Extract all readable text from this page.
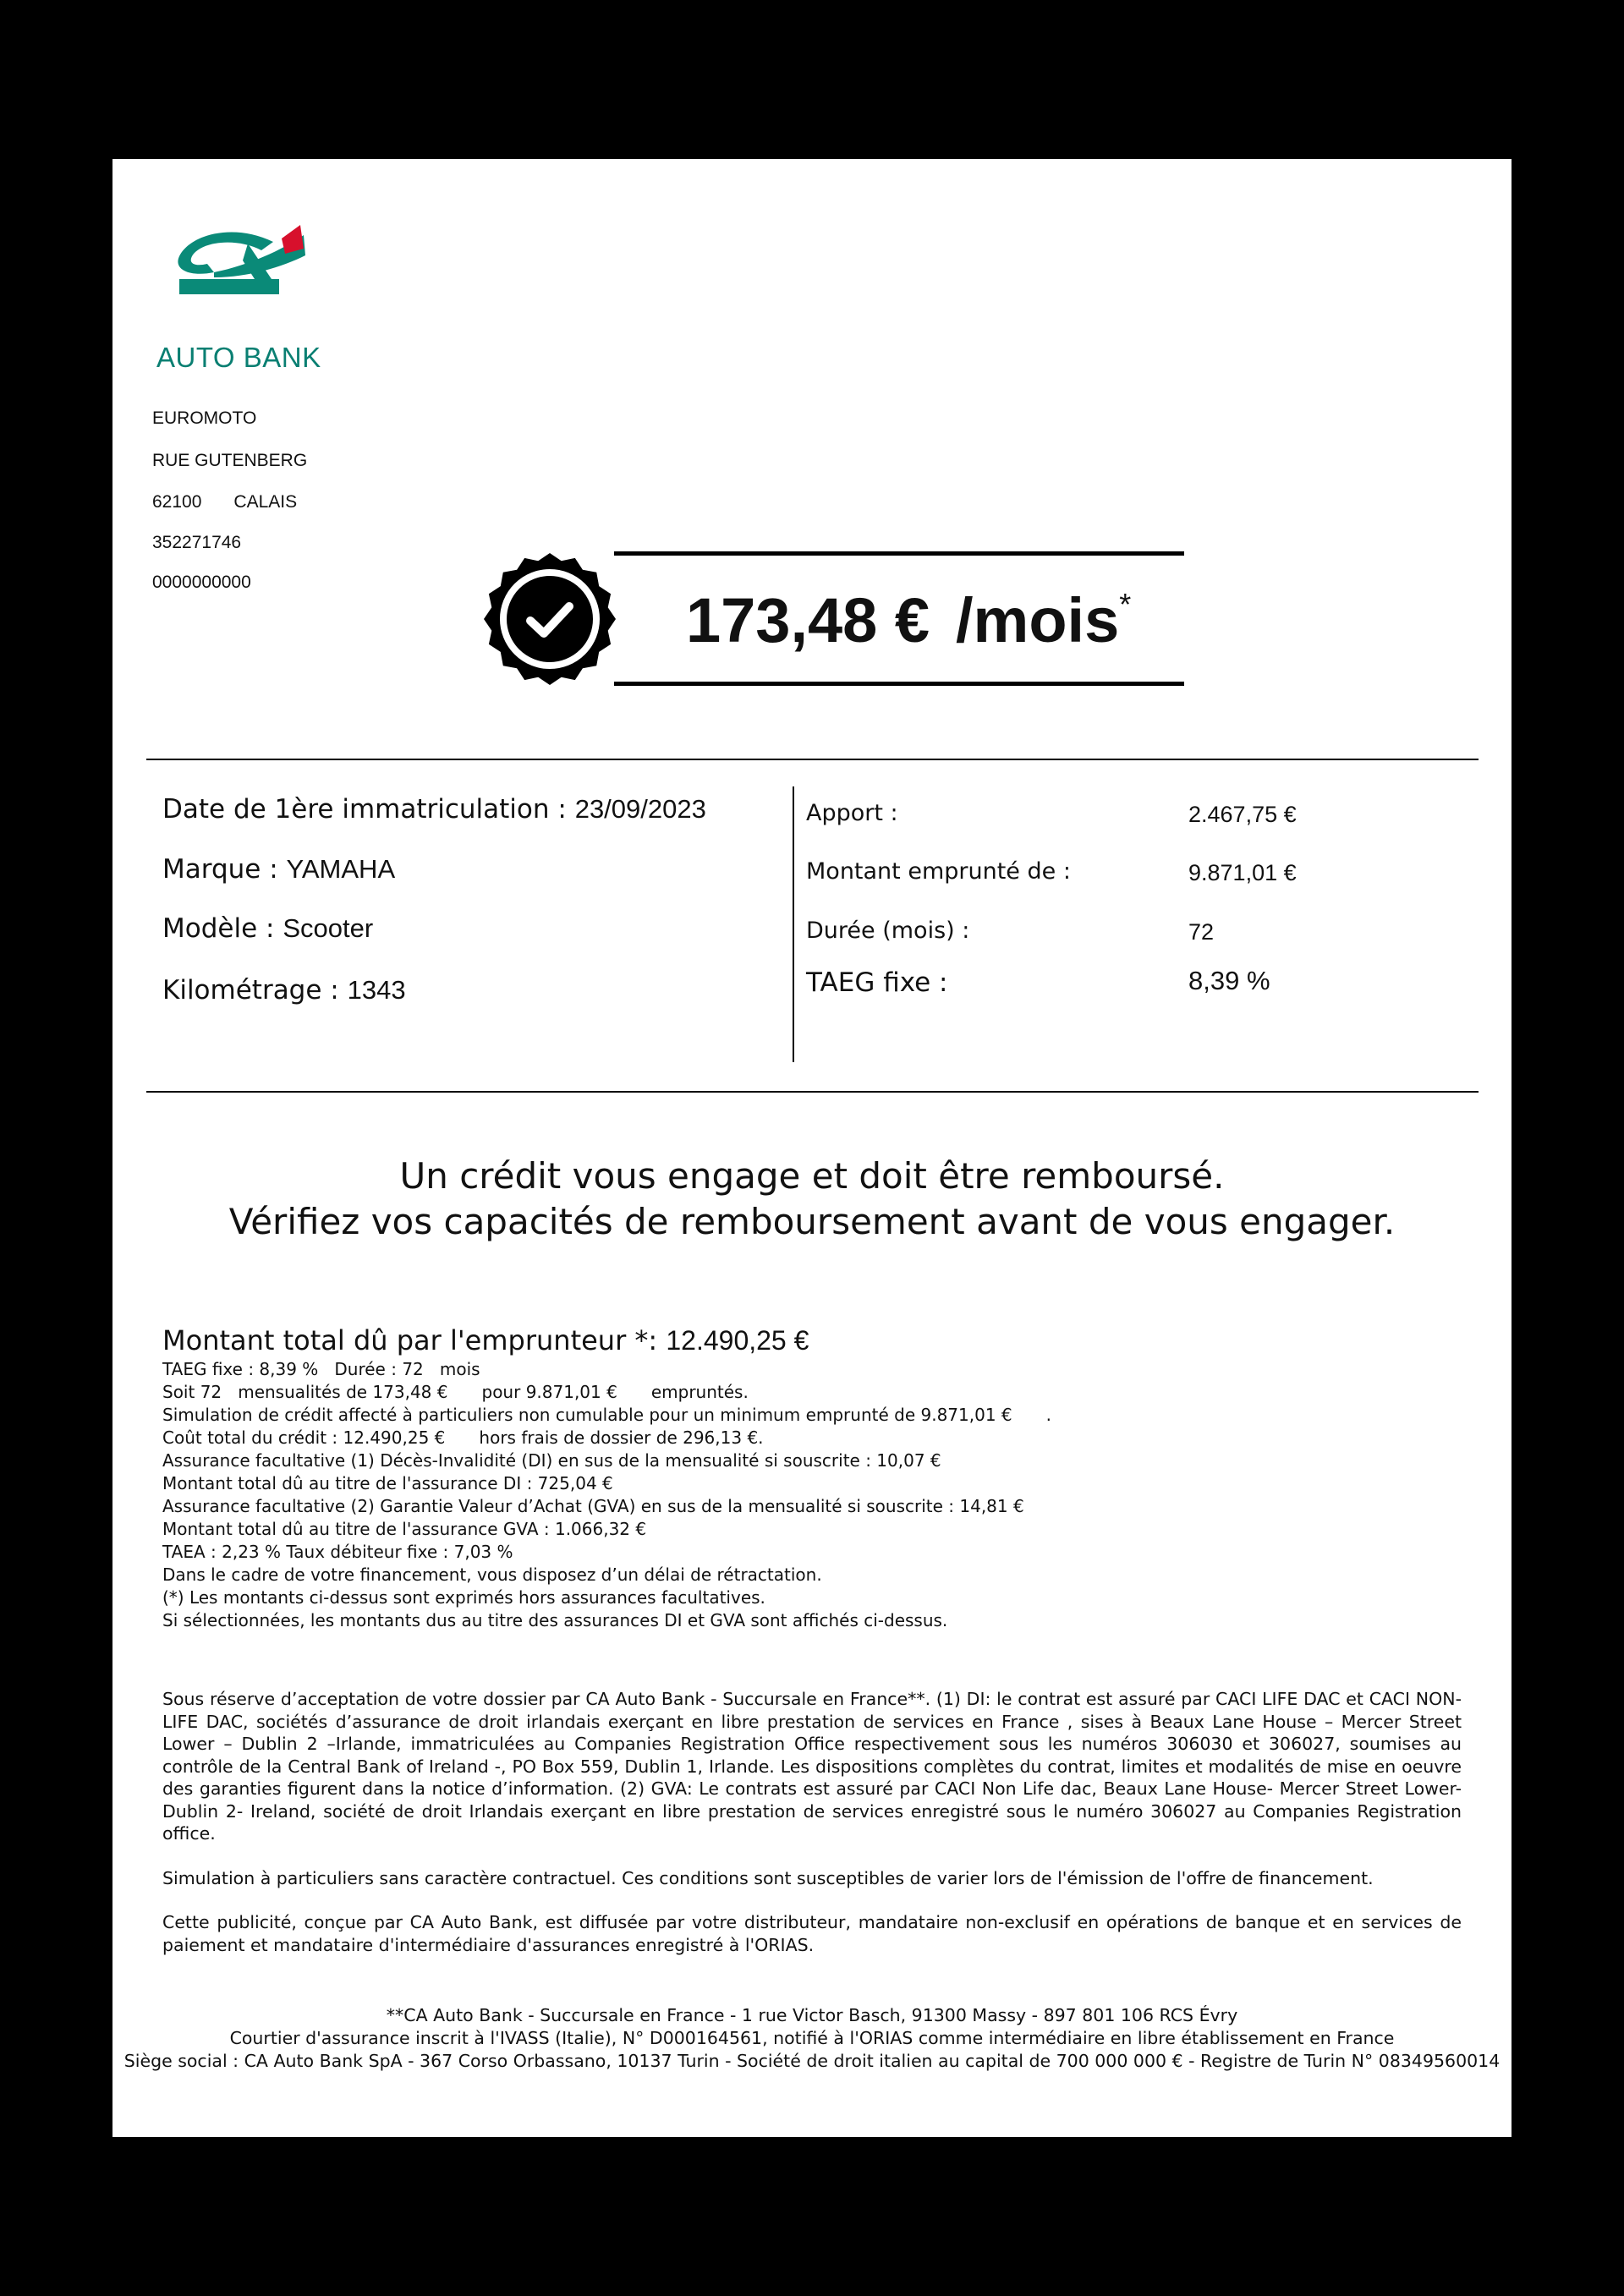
AUTO BANK
EUROMOTO
RUE GUTENBERG
62100 CALAIS
352271746
0000000000
173,48 € /mois*
Date de 1ère immatriculation : 23/09/2023
Marque : YAMAHA
Modèle : Scooter
Kilométrage : 1343
Apport :	2.467,75 €
Montant emprunté de :	9.871,01 €
Durée (mois) :	72
TAEG fixe :	8,39 %
Un crédit vous engage et doit être remboursé.
Vérifiez vos capacités de remboursement avant de vous engager.
Montant total dû par l'emprunteur *: 12.490,25 €
TAEG fixe : 8,39 % Durée : 72 mois
Soit 72 mensualités de 173,48 € pour 9.871,01 € empruntés.
Simulation de crédit affecté à particuliers non cumulable pour un minimum emprunté de 9.871,01 € .
Coût total du crédit : 12.490,25 € hors frais de dossier de 296,13 €.
Assurance facultative (1) Décès-Invalidité (DI) en sus de la mensualité si souscrite : 10,07 €
Montant total dû au titre de l'assurance DI : 725,04 €
Assurance facultative (2) Garantie Valeur d’Achat (GVA) en sus de la mensualité si souscrite : 14,81 €
Montant total dû au titre de l'assurance GVA : 1.066,32 €
TAEA : 2,23 % Taux débiteur fixe : 7,03 %
Dans le cadre de votre financement, vous disposez d’un délai de rétractation.
(*) Les montants ci-dessus sont exprimés hors assurances facultatives.
Si sélectionnées, les montants dus au titre des assurances DI et GVA sont affichés ci-dessus.

Sous réserve d’acceptation de votre dossier par CA Auto Bank - Succursale en France**. (1) DI: le contrat est assuré par CACI LIFE DAC et CACI NON-LIFE DAC, sociétés d’assurance de droit irlandais exerçant en libre prestation de services en France , sises à Beaux Lane House – Mercer Street Lower – Dublin 2 –Irlande, immatriculées au Companies Registration Office respectivement sous les numéros 306030 et 306027, soumises au contrôle de la Central Bank of Ireland -, PO Box 559, Dublin 1, Irlande. Les dispositions complètes du contrat, limites et modalités de mise en oeuvre des garanties figurent dans la notice d’information. (2) GVA: Le contrats est assuré par CACI Non Life dac, Beaux Lane House- Mercer Street Lower- Dublin 2- Ireland, société de droit Irlandais exerçant en libre prestation de services enregistré sous le numéro 306027 au Companies Registration office.

Simulation à particuliers sans caractère contractuel. Ces conditions sont susceptibles de varier lors de l'émission de l'offre de financement.

Cette publicité, conçue par CA Auto Bank, est diffusée par votre distributeur, mandataire non-exclusif en opérations de banque et en services de paiement et mandataire d'intermédiaire d'assurances enregistré à l'ORIAS.

**CA Auto Bank - Succursale en France - 1 rue Victor Basch, 91300 Massy - 897 801 106 RCS Évry
Courtier d'assurance inscrit à l'IVASS (Italie), N° D000164561, notifié à l'ORIAS comme intermédiaire en libre établissement en France
Siège social : CA Auto Bank SpA - 367 Corso Orbassano, 10137 Turin - Société de droit italien au capital de 700 000 000 € - Registre de Turin N° 08349560014
